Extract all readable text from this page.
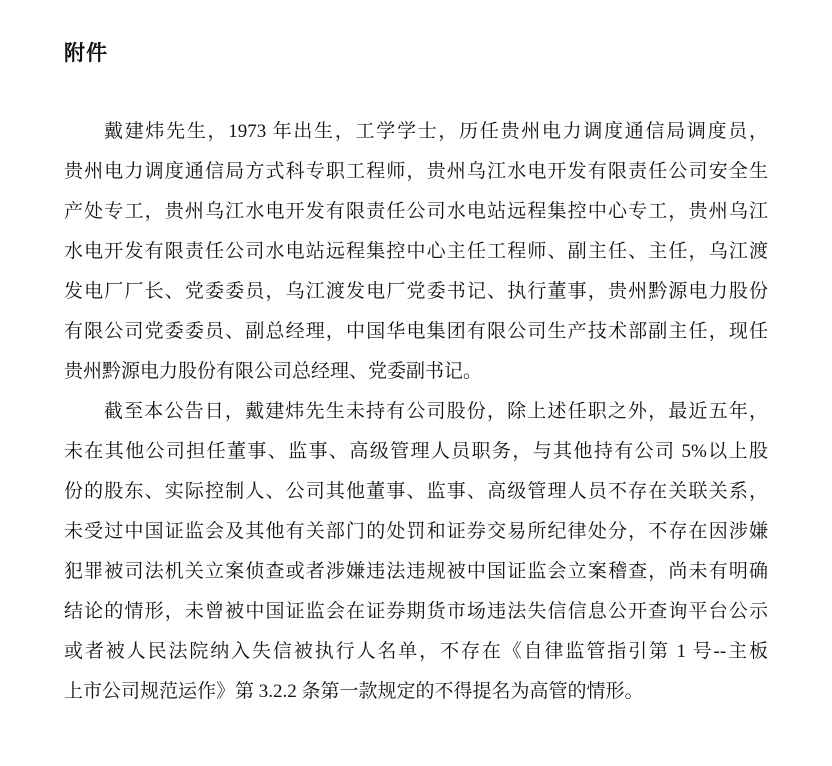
附件
戴建炜先生，1973 年出生，工学学士，历任贵州电力调度通信局调度员，
贵州电力调度通信局方式科专职工程师，贵州乌江水电开发有限责任公司安全生
产处专工，贵州乌江水电开发有限责任公司水电站远程集控中心专工，贵州乌江
水电开发有限责任公司水电站远程集控中心主任工程师、副主任、主任，乌江渡
发电厂厂长、党委委员，乌江渡发电厂党委书记、执行董事，贵州黔源电力股份
有限公司党委委员、副总经理，中国华电集团有限公司生产技术部副主任，现任
贵州黔源电力股份有限公司总经理、党委副书记。
截至本公告日，戴建炜先生未持有公司股份，除上述任职之外，最近五年，
未在其他公司担任董事、监事、高级管理人员职务，与其他持有公司 5%以上股
份的股东、实际控制人、公司其他董事、监事、高级管理人员不存在关联关系，
未受过中国证监会及其他有关部门的处罚和证券交易所纪律处分，不存在因涉嫌
犯罪被司法机关立案侦查或者涉嫌违法违规被中国证监会立案稽查，尚未有明确
结论的情形，未曾被中国证监会在证券期货市场违法失信信息公开查询平台公示
或者被人民法院纳入失信被执行人名单，不存在《自律监管指引第 1 号--主板
上市公司规范运作》第 3.2.2 条第一款规定的不得提名为高管的情形。
